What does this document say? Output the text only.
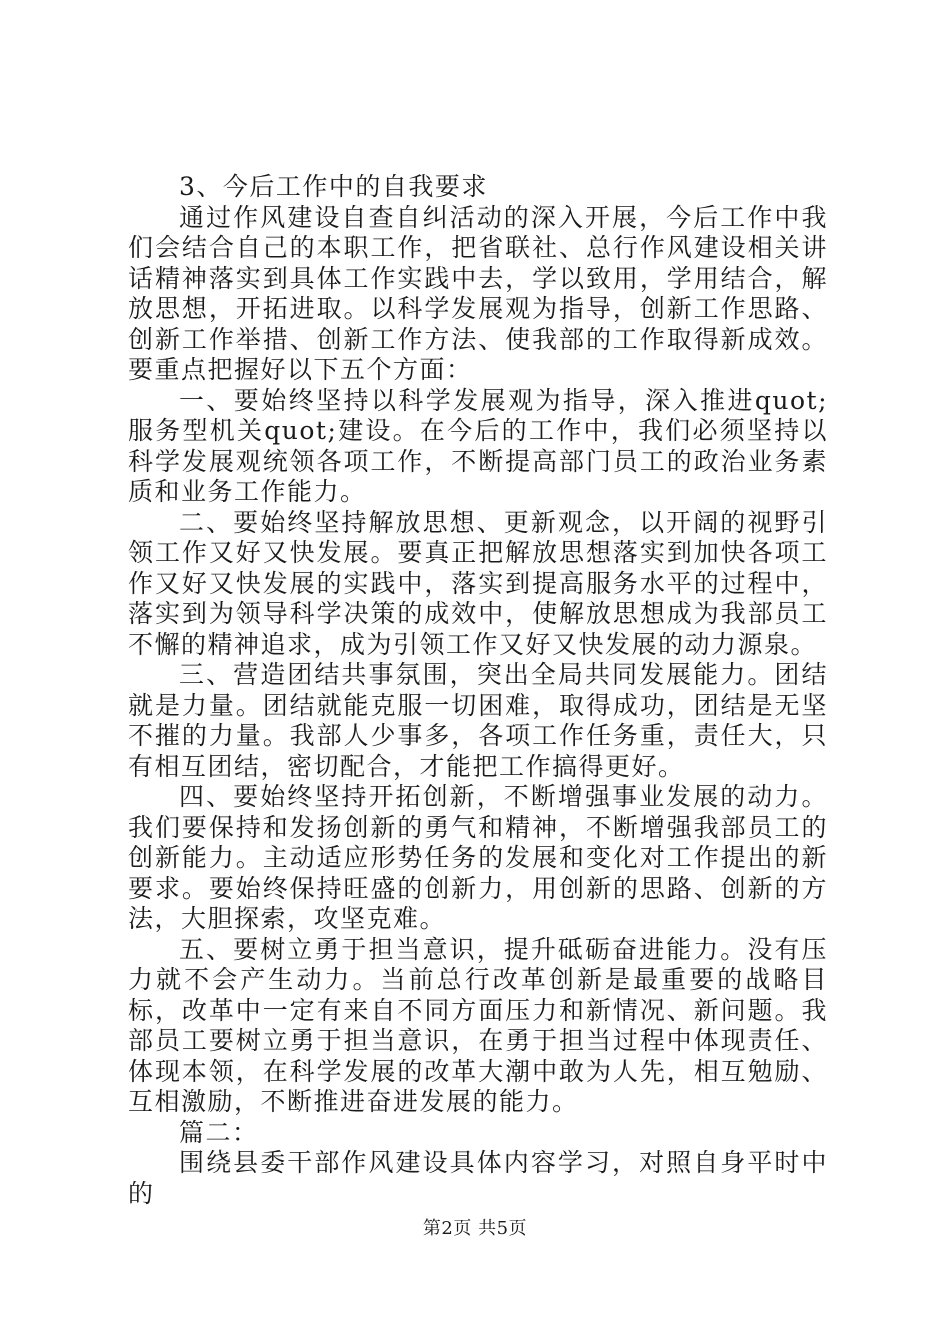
3、今后工作中的自我要求

通过作风建设自查自纠活动的深入开展，今后工作中我们会结合自己的本职工作，把省联社、总行作风建设相关讲话精神落实到具体工作实践中去，学以致用，学用结合，解放思想，开拓进取。以科学发展观为指导，创新工作思路、创新工作举措、创新工作方法、使我部的工作取得新成效。要重点把握好以下五个方面：

一、要始终坚持以科学发展观为指导，深入推进quot;服务型机关quot;建设。在今后的工作中，我们必须坚持以科学发展观统领各项工作，不断提高部门员工的政治业务素质和业务工作能力。

二、要始终坚持解放思想、更新观念，以开阔的视野引领工作又好又快发展。要真正把解放思想落实到加快各项工作又好又快发展的实践中，落实到提高服务水平的过程中，落实到为领导科学决策的成效中，使解放思想成为我部员工不懈的精神追求，成为引领工作又好又快发展的动力源泉。

三、营造团结共事氛围，突出全局共同发展能力。团结就是力量。团结就能克服一切困难，取得成功，团结是无坚不摧的力量。我部人少事多，各项工作任务重，责任大，只有相互团结，密切配合，才能把工作搞得更好。

四、要始终坚持开拓创新，不断增强事业发展的动力。我们要保持和发扬创新的勇气和精神，不断增强我部员工的创新能力。主动适应形势任务的发展和变化对工作提出的新要求。要始终保持旺盛的创新力，用创新的思路、创新的方法，大胆探索，攻坚克难。

五、要树立勇于担当意识，提升砥砺奋进能力。没有压力就不会产生动力。当前总行改革创新是最重要的战略目标，改革中一定有来自不同方面压力和新情况、新问题。我部员工要树立勇于担当意识，在勇于担当过程中体现责任、体现本领，在科学发展的改革大潮中敢为人先，相互勉励、互相激励，不断推进奋进发展的能力。

篇二：

围绕县委干部作风建设具体内容学习，对照自身平时中的

第2页 共5页
